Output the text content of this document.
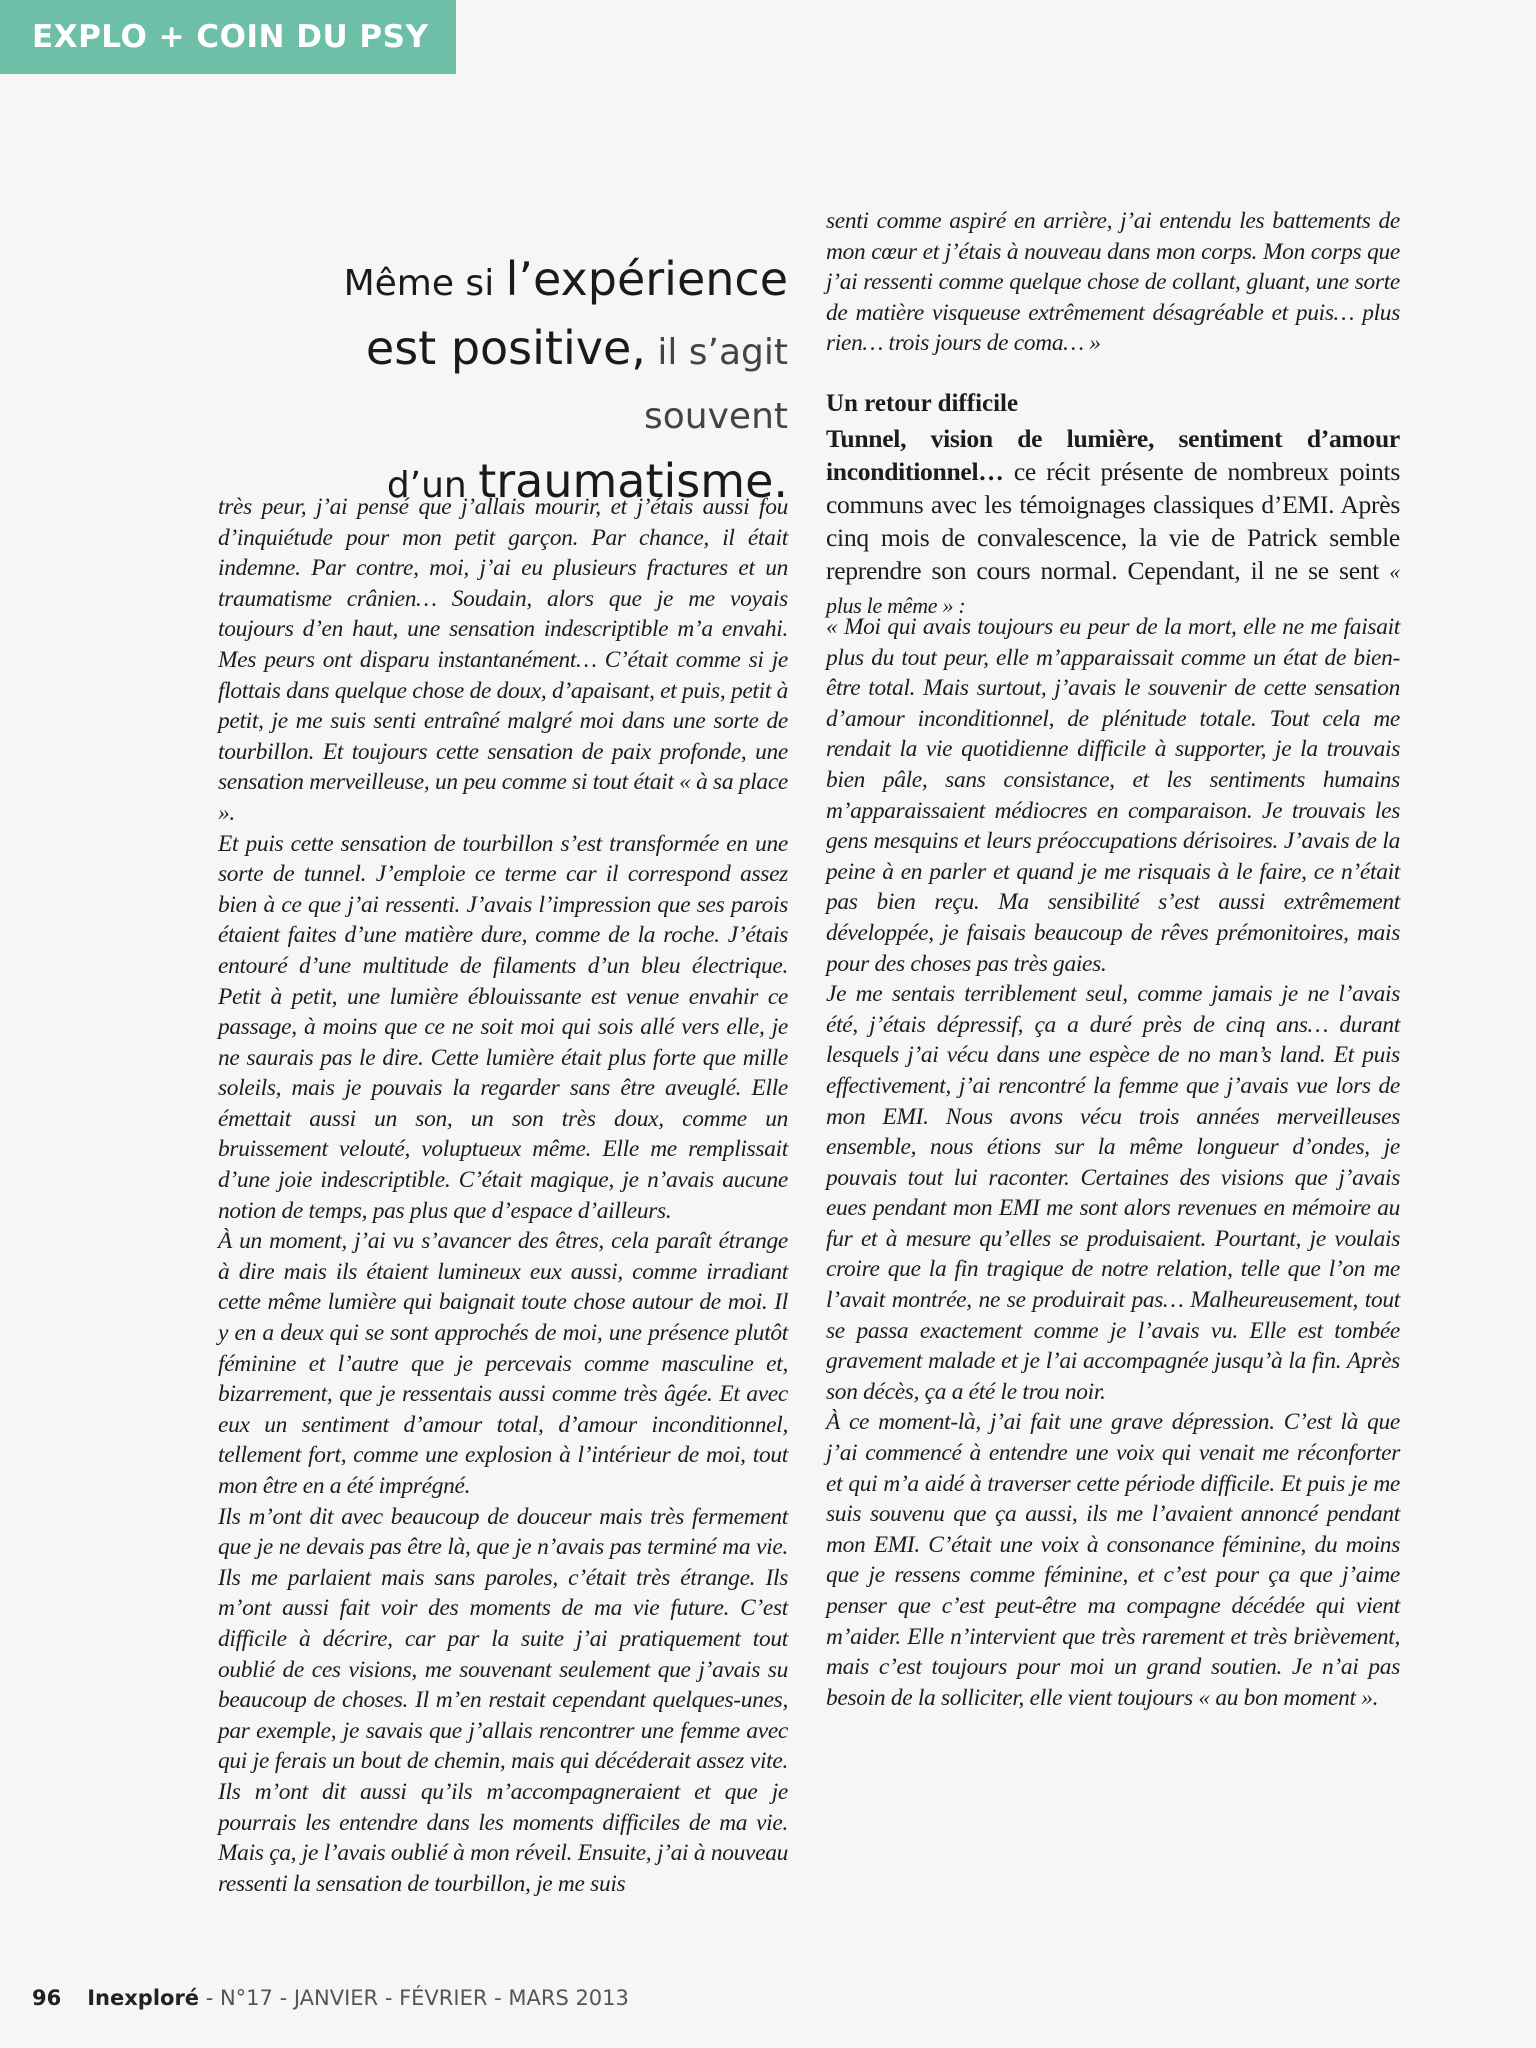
EXPLO + COIN DU PSY
Même si l’expérience
est positive, il s’agit souvent
d’un traumatisme.

très peur, j’ai pensé que j’allais mourir, et j’étais aussi fou d’inquiétude pour mon petit garçon. Par chance, il était indemne. Par contre, moi, j’ai eu plusieurs fractures et un traumatisme crânien… Soudain, alors que je me voyais toujours d’en haut, une sensation indescriptible m’a envahi. Mes peurs ont disparu instantanément… C’était comme si je flottais dans quelque chose de doux, d’apaisant, et puis, petit à petit, je me suis senti entraîné malgré moi dans une sorte de tourbillon. Et toujours cette sensation de paix profonde, une sensation merveilleuse, un peu comme si tout était « à sa place ».

Et puis cette sensation de tourbillon s’est transformée en une sorte de tunnel. J’emploie ce terme car il correspond assez bien à ce que j’ai ressenti. J’avais l’impression que ses parois étaient faites d’une matière dure, comme de la roche. J’étais entouré d’une multitude de filaments d’un bleu électrique. Petit à petit, une lumière éblouissante est venue envahir ce passage, à moins que ce ne soit moi qui sois allé vers elle, je ne saurais pas le dire. Cette lumière était plus forte que mille soleils, mais je pouvais la regarder sans être aveuglé. Elle émettait aussi un son, un son très doux, comme un bruissement velouté, voluptueux même. Elle me remplissait d’une joie indescriptible. C’était magique, je n’avais aucune notion de temps, pas plus que d’espace d’ailleurs.

À un moment, j’ai vu s’avancer des êtres, cela paraît étrange à dire mais ils étaient lumineux eux aussi, comme irradiant cette même lumière qui baignait toute chose autour de moi. Il y en a deux qui se sont approchés de moi, une présence plutôt féminine et l’autre que je percevais comme masculine et, bizarrement, que je ressentais aussi comme très âgée. Et avec eux un sentiment d’amour total, d’amour inconditionnel, tellement fort, comme une explosion à l’intérieur de moi, tout mon être en a été imprégné.

Ils m’ont dit avec beaucoup de douceur mais très fermement que je ne devais pas être là, que je n’avais pas terminé ma vie. Ils me parlaient mais sans paroles, c’était très étrange. Ils m’ont aussi fait voir des moments de ma vie future. C’est difficile à décrire, car par la suite j’ai pratiquement tout oublié de ces visions, me souvenant seulement que j’avais su beaucoup de choses. Il m’en restait cependant quelques-unes, par exemple, je savais que j’allais rencontrer une femme avec qui je ferais un bout de chemin, mais qui décéderait assez vite. Ils m’ont dit aussi qu’ils m’accompagneraient et que je pourrais les entendre dans les moments difficiles de ma vie. Mais ça, je l’avais oublié à mon réveil. Ensuite, j’ai à nouveau ressenti la sensation de tourbillon, je me suis

senti comme aspiré en arrière, j’ai entendu les battements de mon cœur et j’étais à nouveau dans mon corps. Mon corps que j’ai ressenti comme quelque chose de collant, gluant, une sorte de matière visqueuse extrêmement désagréable et puis… plus rien… trois jours de coma… »

Un retour difficile
Tunnel, vision de lumière, sentiment d’amour inconditionnel… ce récit présente de nombreux points communs avec les témoignages classiques d’EMI. Après cinq mois de convalescence, la vie de Patrick semble reprendre son cours normal. Cependant, il ne se sent « plus le même » :

« Moi qui avais toujours eu peur de la mort, elle ne me faisait plus du tout peur, elle m’apparaissait comme un état de bien-être total. Mais surtout, j’avais le souvenir de cette sensation d’amour inconditionnel, de plénitude totale. Tout cela me rendait la vie quotidienne difficile à supporter, je la trouvais bien pâle, sans consistance, et les sentiments humains m’apparaissaient médiocres en comparaison. Je trouvais les gens mesquins et leurs préoccupations dérisoires. J’avais de la peine à en parler et quand je me risquais à le faire, ce n’était pas bien reçu. Ma sensibilité s’est aussi extrêmement développée, je faisais beaucoup de rêves prémonitoires, mais pour des choses pas très gaies.

Je me sentais terriblement seul, comme jamais je ne l’avais été, j’étais dépressif, ça a duré près de cinq ans… durant lesquels j’ai vécu dans une espèce de no man’s land. Et puis effectivement, j’ai rencontré la femme que j’avais vue lors de mon EMI. Nous avons vécu trois années merveilleuses ensemble, nous étions sur la même longueur d’ondes, je pouvais tout lui raconter. Certaines des visions que j’avais eues pendant mon EMI me sont alors revenues en mémoire au fur et à mesure qu’elles se produisaient. Pourtant, je voulais croire que la fin tragique de notre relation, telle que l’on me l’avait montrée, ne se produirait pas… Malheureusement, tout se passa exactement comme je l’avais vu. Elle est tombée gravement malade et je l’ai accompagnée jusqu’à la fin. Après son décès, ça a été le trou noir.

À ce moment-là, j’ai fait une grave dépression. C’est là que j’ai commencé à entendre une voix qui venait me réconforter et qui m’a aidé à traverser cette période difficile. Et puis je me suis souvenu que ça aussi, ils me l’avaient annoncé pendant mon EMI. C’était une voix à consonance féminine, du moins que je ressens comme féminine, et c’est pour ça que j’aime penser que c’est peut-être ma compagne décédée qui vient m’aider. Elle n’intervient que très rarement et très brièvement, mais c’est toujours pour moi un grand soutien. Je n’ai pas besoin de la solliciter, elle vient toujours « au bon moment ».

96 Inexploré - N°17 - JANVIER - FÉVRIER - MARS 2013
